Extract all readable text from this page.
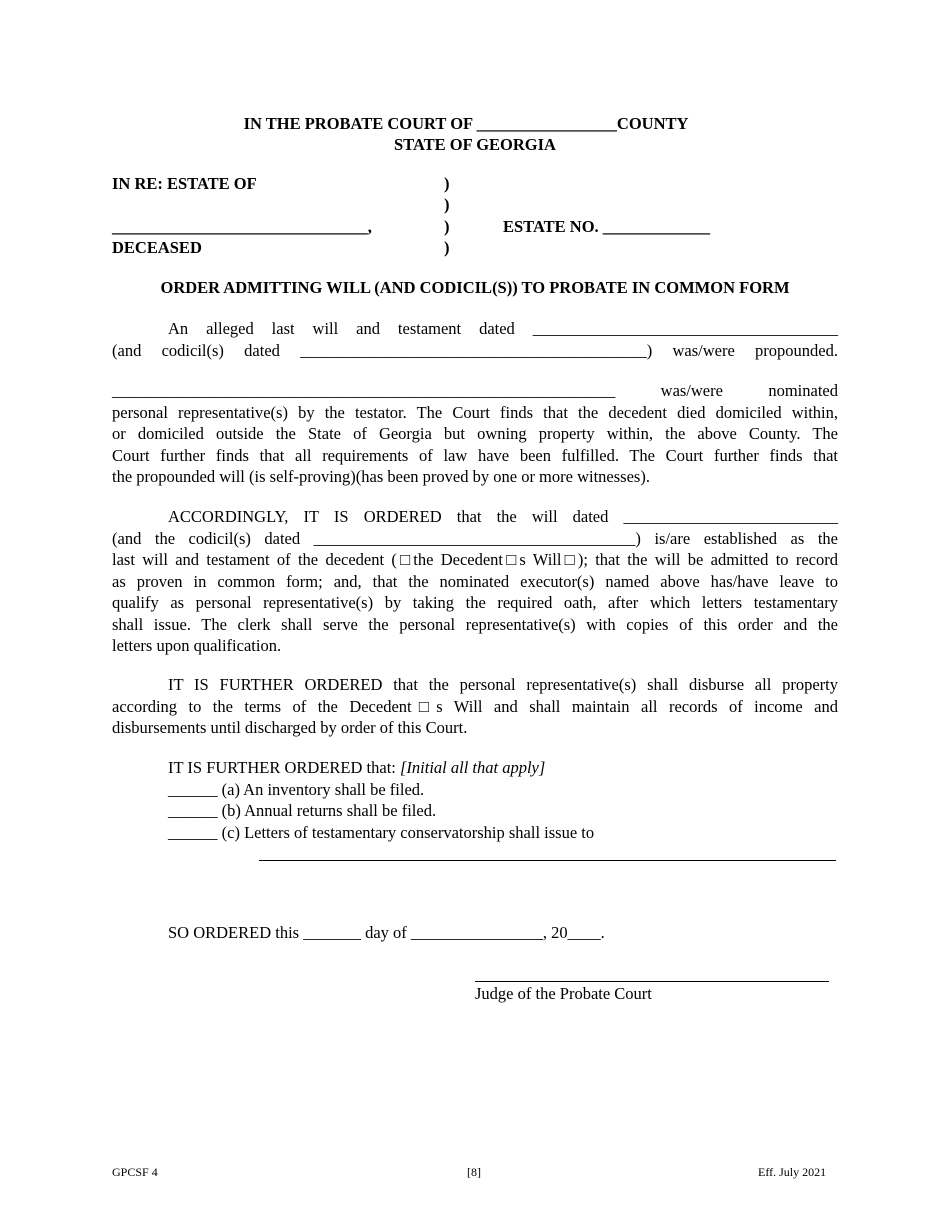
IN THE PROBATE COURT OF _________________COUNTY
STATE OF GEORGIA
IN RE: ESTATE OF
_______________________________,
DECEASED
)
)
)
)
ESTATE NO. _____________
ORDER ADMITTING WILL (AND CODICIL(S)) TO PROBATE IN COMMON FORM
An alleged last will and testament dated _____________________________________
(and codicil(s) dated __________________________________________) was/were propounded.
_____________________________________________________________ was/were nominated
personal representative(s) by the testator. The Court finds that the decedent died domiciled within,
or domiciled outside the State of Georgia but owning property within, the above County. The
Court further finds that all requirements of law have been fulfilled. The Court further finds that
the propounded will (is self-proving)(has been proved by one or more witnesses).
ACCORDINGLY, IT IS ORDERED that the will dated __________________________
(and the codicil(s) dated _______________________________________) is/are established as the
last will and testament of the decedent (□the Decedent□s Will□); that the will be admitted to record
as proven in common form; and, that the nominated executor(s) named above has/have leave to
qualify as personal representative(s) by taking the required oath, after which letters testamentary
shall issue. The clerk shall serve the personal representative(s) with copies of this order and the
letters upon qualification.
IT IS FURTHER ORDERED that the personal representative(s) shall disburse all property
according to the terms of the Decedent□s Will and shall maintain all records of income and
disbursements until discharged by order of this Court.
IT IS FURTHER ORDERED that: [Initial all that apply]
______ (a) An inventory shall be filed.
______ (b) Annual returns shall be filed.
______ (c) Letters of testamentary conservatorship shall issue to
SO ORDERED this _______ day of ________________, 20____.
Judge of the Probate Court
GPCSF 4	[8]	Eff. July 2021
